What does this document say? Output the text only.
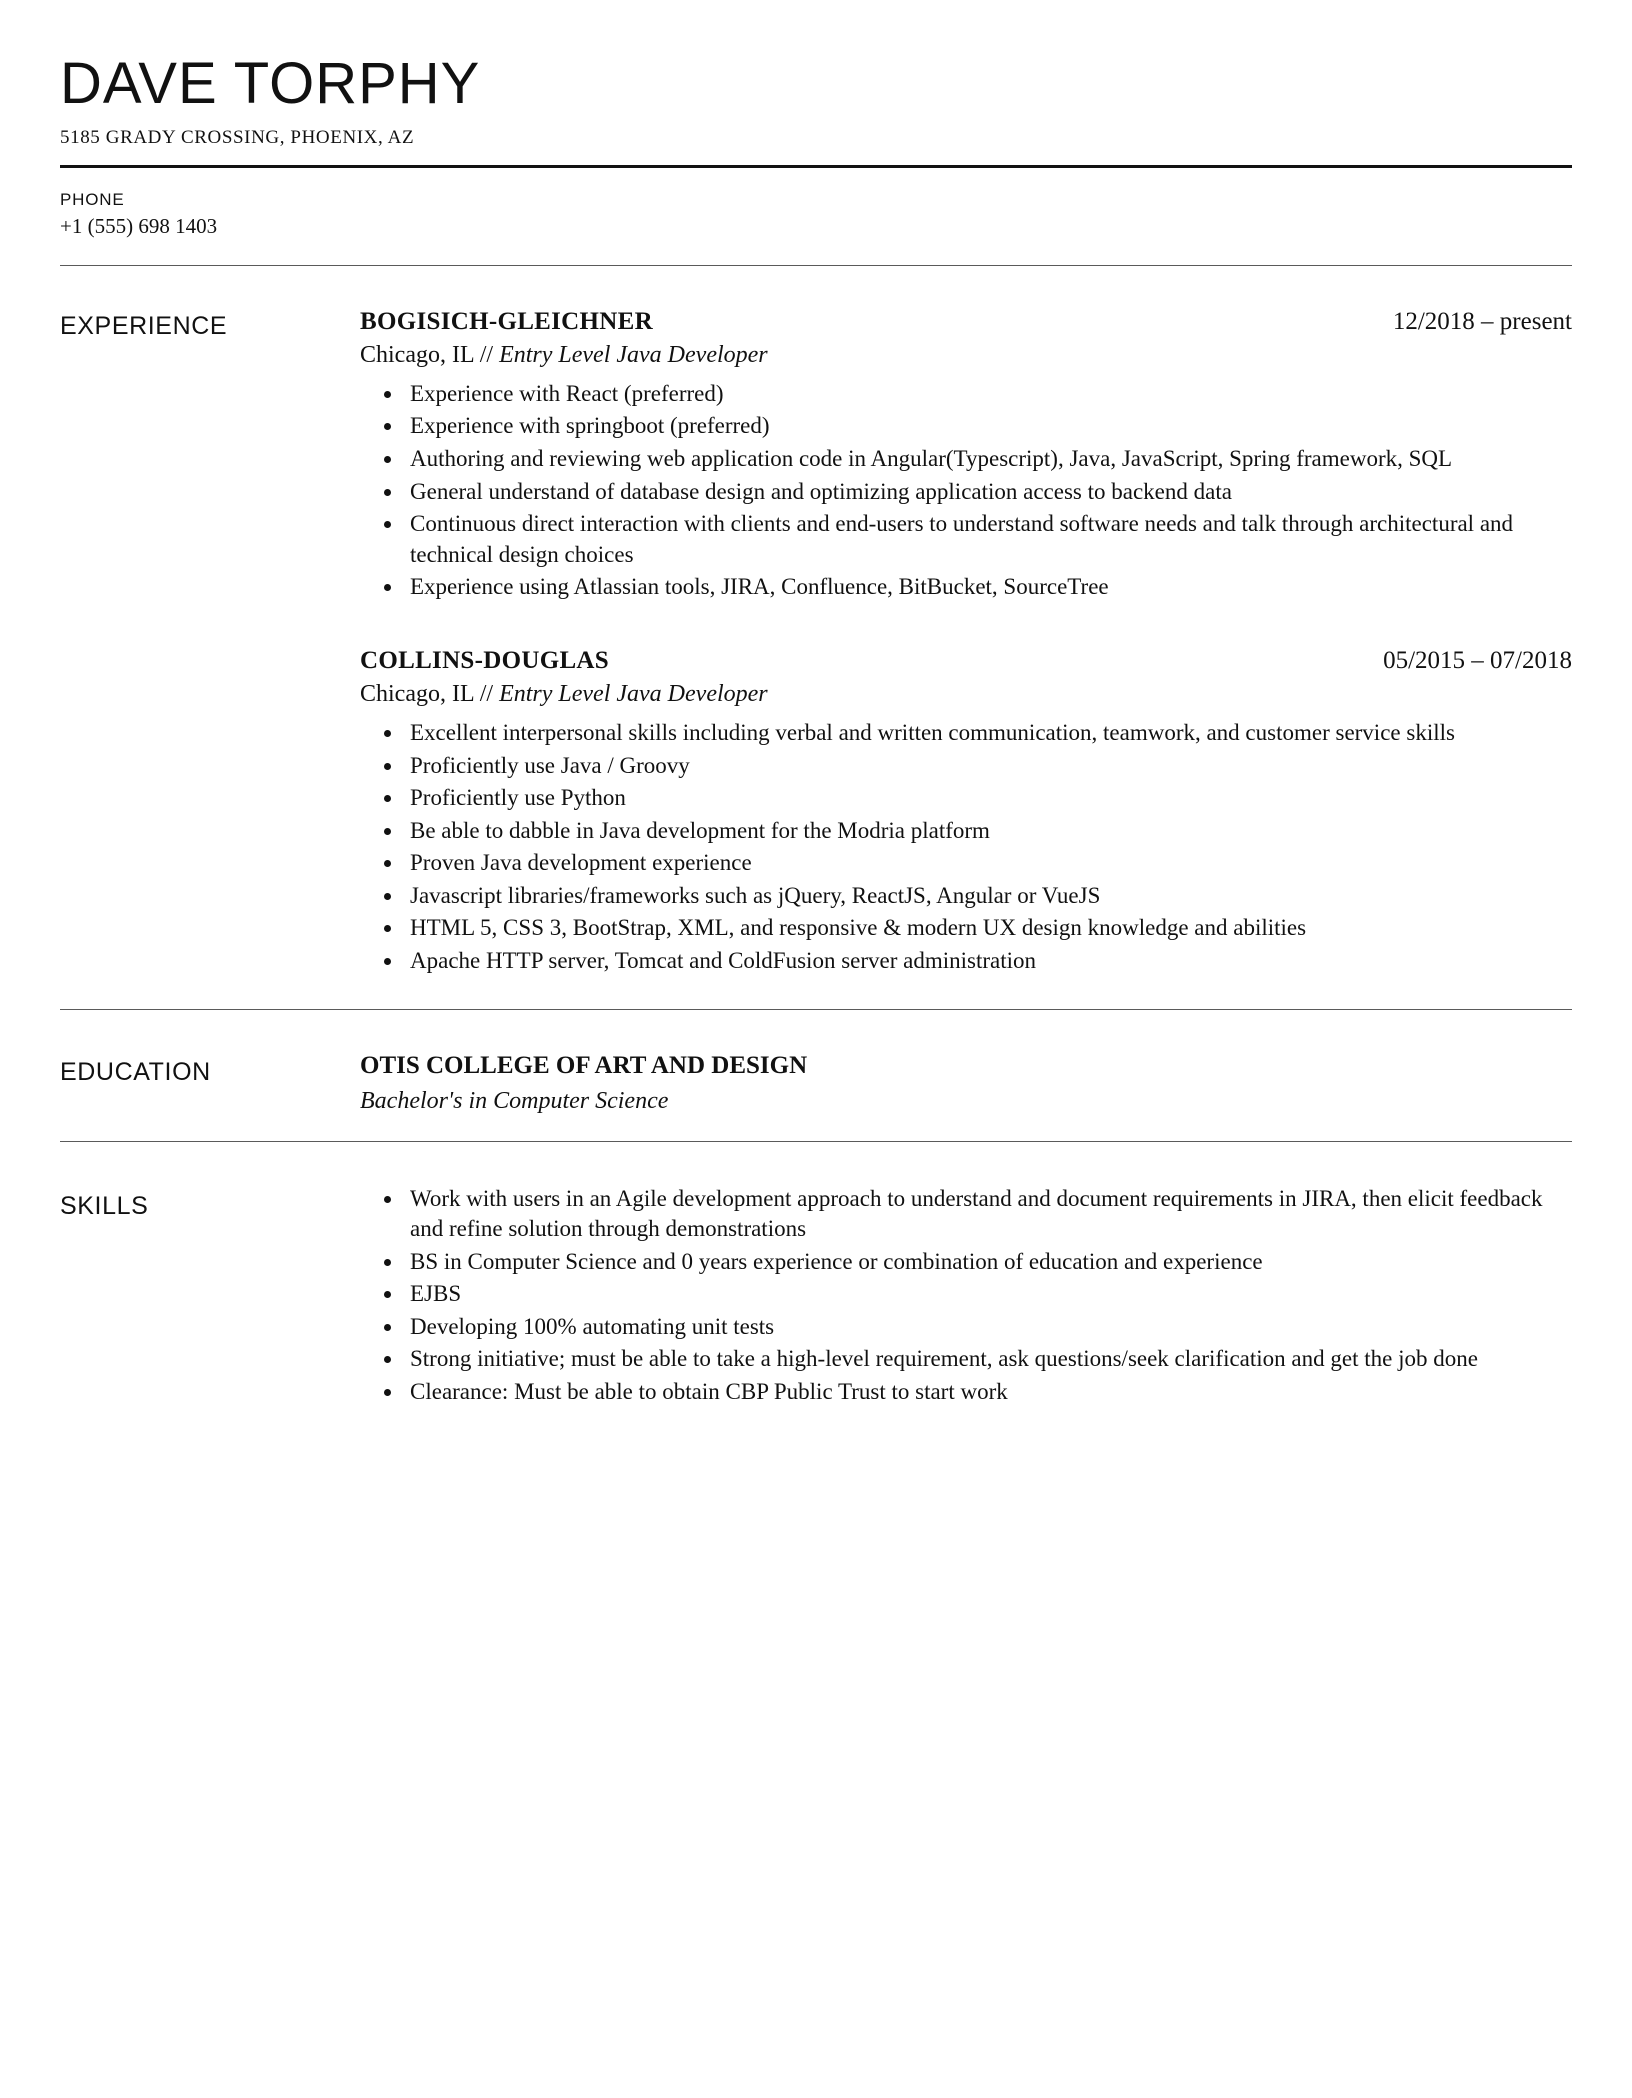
DAVE TORPHY
5185 GRADY CROSSING, PHOENIX, AZ
PHONE
+1 (555) 698 1403
EXPERIENCE	BOGISICH-GLEICHNER	12/2018 – present
Chicago, IL // Entry Level Java Developer
• Experience with React (preferred)
• Experience with springboot (preferred)
• Authoring and reviewing web application code in Angular(Typescript), Java, JavaScript, Spring framework, SQL
• General understand of database design and optimizing application access to backend data
• Continuous direct interaction with clients and end-users to understand software needs and talk through architectural and technical design choices
• Experience using Atlassian tools, JIRA, Confluence, BitBucket, SourceTree
COLLINS-DOUGLAS	05/2015 – 07/2018
Chicago, IL // Entry Level Java Developer
• Excellent interpersonal skills including verbal and written communication, teamwork, and customer service skills
• Proficiently use Java / Groovy
• Proficiently use Python
• Be able to dabble in Java development for the Modria platform
• Proven Java development experience
• Javascript libraries/frameworks such as jQuery, ReactJS, Angular or VueJS
• HTML 5, CSS 3, BootStrap, XML, and responsive & modern UX design knowledge and abilities
• Apache HTTP server, Tomcat and ColdFusion server administration
EDUCATION	OTIS COLLEGE OF ART AND DESIGN
Bachelor's in Computer Science
SKILLS	• Work with users in an Agile development approach to understand and document requirements in JIRA, then elicit feedback and refine solution through demonstrations
• BS in Computer Science and 0 years experience or combination of education and experience
• EJBS
• Developing 100% automating unit tests
• Strong initiative; must be able to take a high-level requirement, ask questions/seek clarification and get the job done
• Clearance: Must be able to obtain CBP Public Trust to start work
